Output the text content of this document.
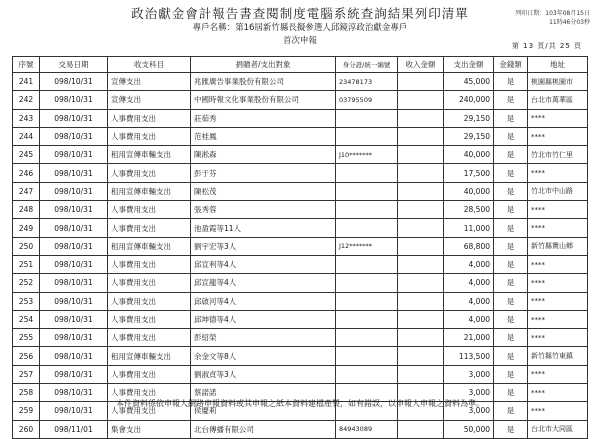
政治獻金會計報告書查閱制度電腦系統查詢結果列印清單	列印日期：103年08月15日
11時46分03秒
專戶名稱：第16屆新竹縣長擬參選人邱鏡淳政治獻金專戶
首次申報	第 13 頁/共 25 頁
序號	交易日期	收支科目	捐贈者/支出對象	身分證/統一編號	收入金額	支出金額	金錢類	地址
241	098/10/31	宣傳支出	兆匯廣告事業股份有限公司	23478173		45,000	是	桃園縣桃園市
242	098/10/31	宣傳支出	中國時報文化事業股份有限公司	03795509		240,000	是	台北市萬華區
243	098/10/31	人事費用支出	莊茹秀			29,150	是	****
244	098/10/31	人事費用支出	范桂鳳			29,150	是	****
245	098/10/31	租用宣傳車輛支出	陳淞森	J10*******		40,000	是	竹北市竹仁里
246	098/10/31	人事費用支出	彭于芬			17,500	是	****
247	098/10/31	租用宣傳車輛支出	陳松茂			40,000	是	竹北市中山路
248	098/10/31	人事費用支出	張秀蓉			28,500	是	****
249	098/10/31	人事費用支出	池盈霞等11人			11,000	是	****
250	098/10/31	租用宣傳車輛支出	劉宇宏等3人	J12*******		68,800	是	新竹縣寶山鄉
251	098/10/31	人事費用支出	邱宣利等4人			4,000	是	****
252	098/10/31	人事費用支出	邱宣龍等4人			4,000	是	****
253	098/10/31	人事費用支出	邱啟河等4人			4,000	是	****
254	098/10/31	人事費用支出	邱坤德等4人			4,000	是	****
255	098/10/31	人事費用支出	彭紹榮			21,000	是	****
256	098/10/31	租用宣傳車輛支出	余金文等8人			113,500	是	新竹縣竹東鎮
257	098/10/31	人事費用支出	劉淑貞等3人			3,000	是	****
258	098/10/31	人事費用支出	蔡諾諾			3,000	是	****
259	098/10/31	人事費用支出	侯慶莉			3,000	是	****
260	098/11/01	集會支出	北台傳播有限公司	84943089		50,000	是	台北市大同區
本件資料係依申報人網路申報資料或其申報之紙本資料建檔產製，如有錯誤，以申報人申報之資料為準。
